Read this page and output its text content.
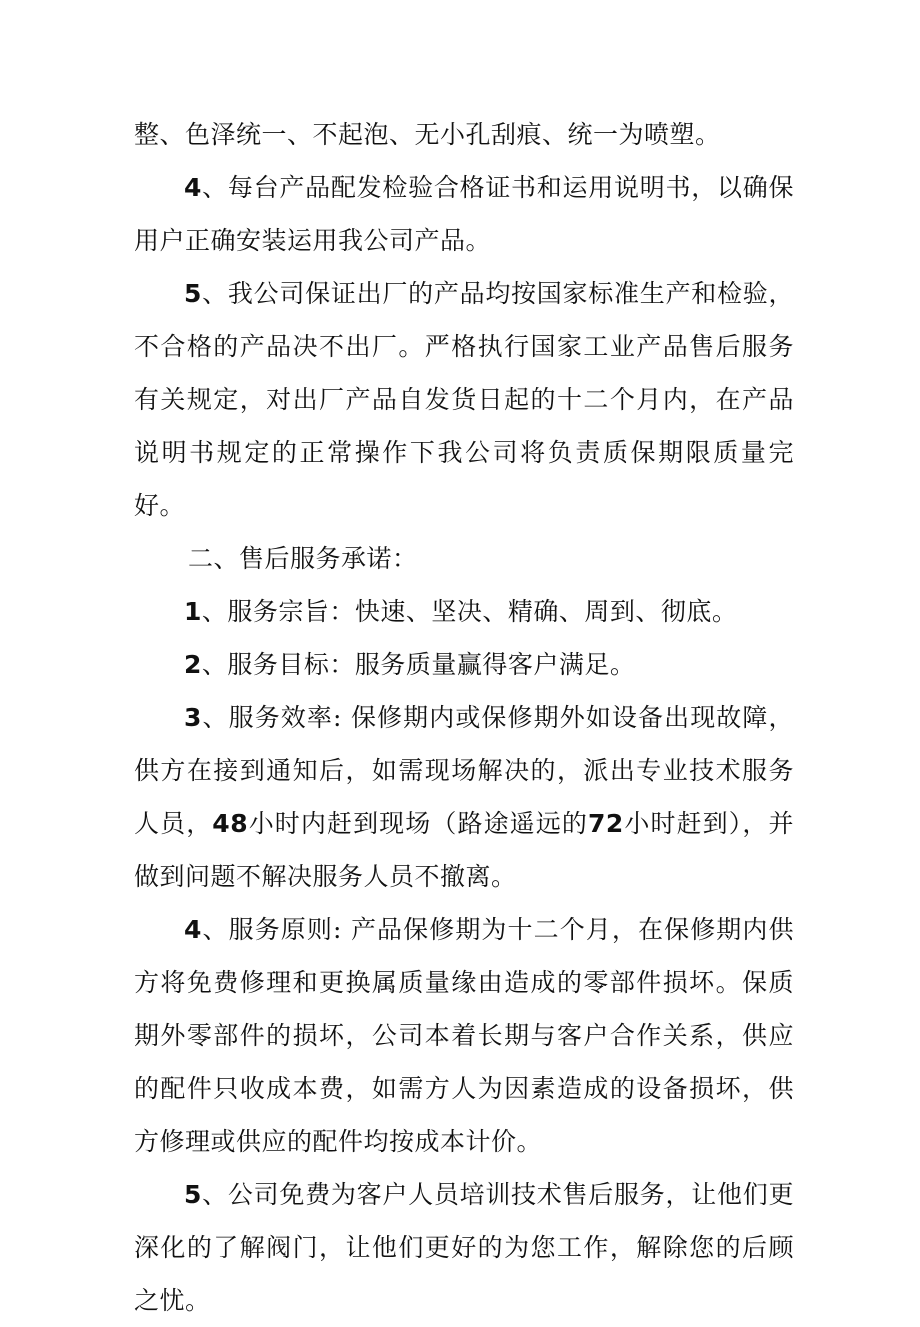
整、色泽统一、不起泡、无小孔刮痕、统一为喷塑。

4、每台产品配发检验合格证书和运用说明书，以确保用户正确安装运用我公司产品。

5、我公司保证出厂的产品均按国家标准生产和检验，不合格的产品决不出厂。严格执行国家工业产品售后服务有关规定，对出厂产品自发货日起的十二个月内，在产品说明书规定的正常操作下我公司将负责质保期限质量完好。

二、售后服务承诺：

1、服务宗旨：快速、坚决、精确、周到、彻底。

2、服务目标：服务质量赢得客户满足。

3、服务效率: 保修期内或保修期外如设备出现故障，供方在接到通知后，如需现场解决的，派出专业技术服务人员，48小时内赶到现场（路途遥远的72小时赶到），并做到问题不解决服务人员不撤离。

4、服务原则: 产品保修期为十二个月，在保修期内供方将免费修理和更换属质量缘由造成的零部件损坏。保质期外零部件的损坏，公司本着长期与客户合作关系，供应的配件只收成本费，如需方人为因素造成的设备损坏，供方修理或供应的配件均按成本计价。

5、公司免费为客户人员培训技术售后服务，让他们更深化的了解阀门，让他们更好的为您工作，解除您的后顾之忧。
